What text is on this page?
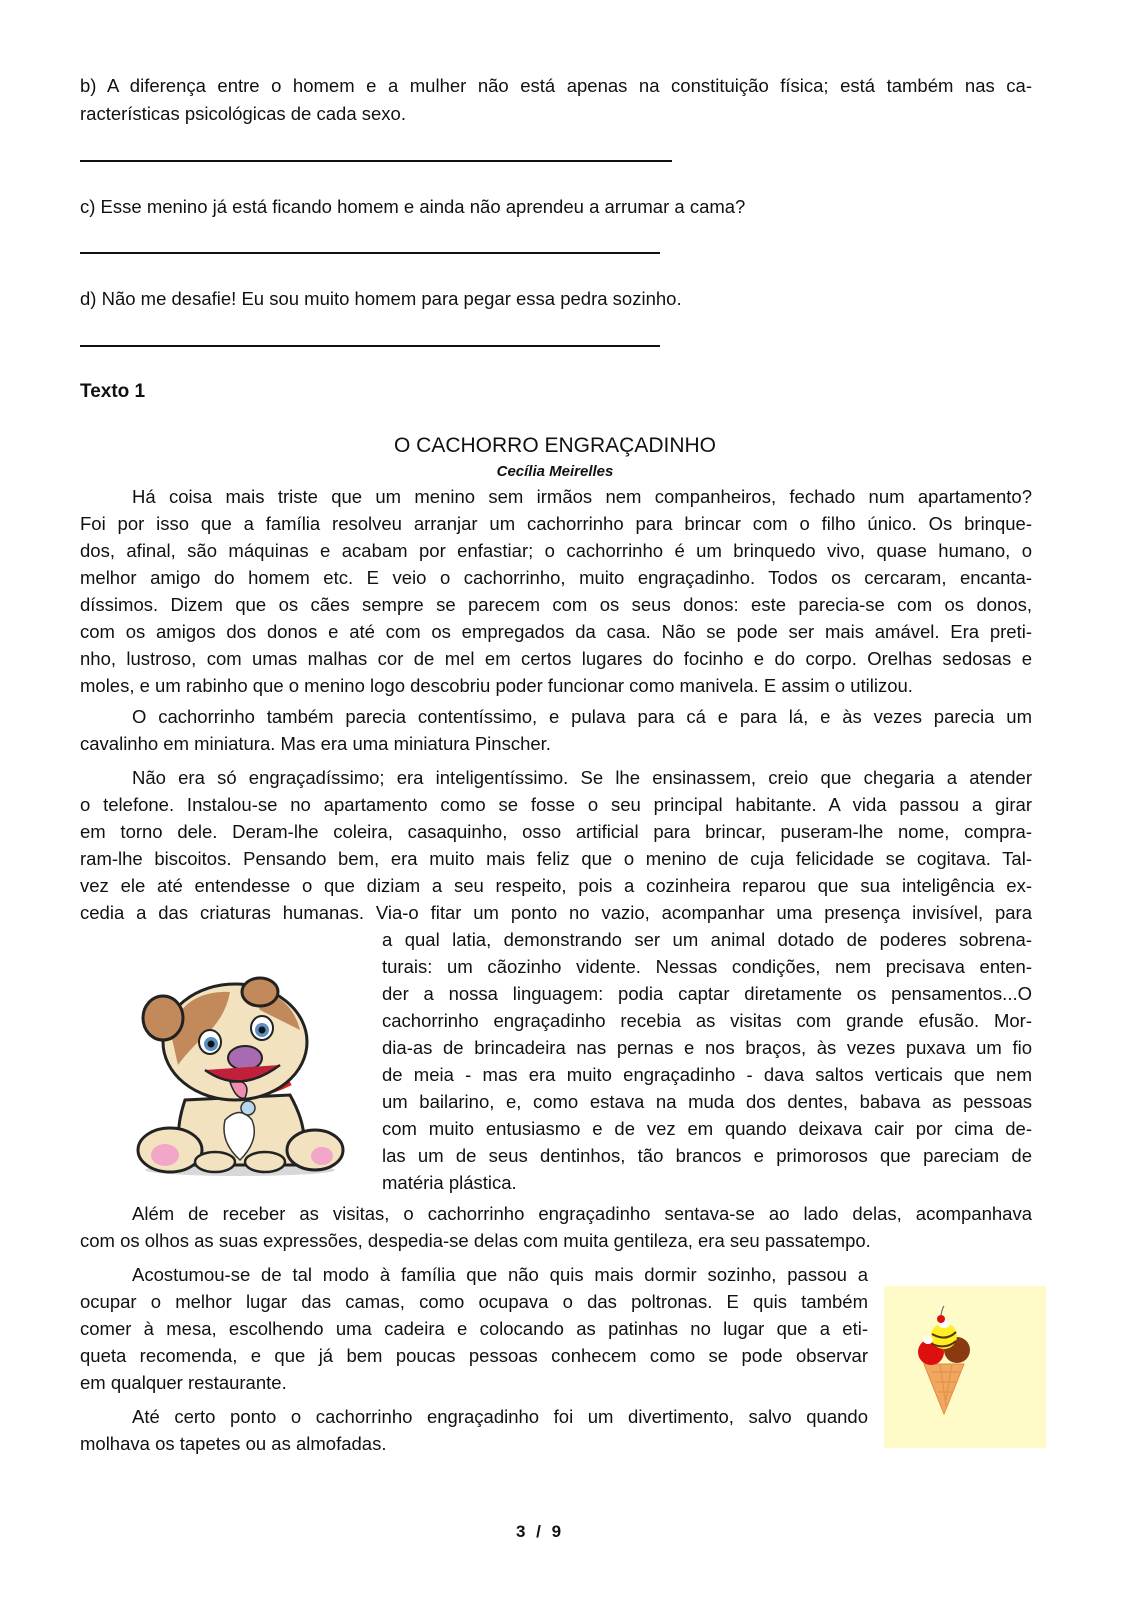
b) A diferença entre o homem e a mulher não está apenas na constituição física; está também nas ca-
racterísticas psicológicas de cada sexo.
c) Esse menino já está ficando homem e ainda não aprendeu a arrumar a cama?
d) Não me desafie! Eu sou muito homem para pegar essa pedra sozinho.
Texto 1
O CACHORRO ENGRAÇADINHO
Cecília Meirelles
Há coisa mais triste que um menino sem irmãos nem companheiros, fechado num apartamento?
Foi por isso que a família resolveu arranjar um cachorrinho para brincar com o filho único. Os brinque-
dos, afinal, são máquinas e acabam por enfastiar; o cachorrinho é um brinquedo vivo, quase humano, o
melhor amigo do homem etc. E veio o cachorrinho, muito engraçadinho. Todos os cercaram, encanta-
díssimos. Dizem que os cães sempre se parecem com os seus donos: este parecia-se com os donos,
com os amigos dos donos e até com os empregados da casa. Não se pode ser mais amável. Era preti-
nho, lustroso, com umas malhas cor de mel em certos lugares do focinho e do corpo. Orelhas sedosas e
moles, e um rabinho que o menino logo descobriu poder funcionar como manivela. E assim o utilizou.
O cachorrinho também parecia contentíssimo, e pulava para cá e para lá, e às vezes parecia um
cavalinho em miniatura. Mas era uma miniatura Pinscher.
Não era só engraçadíssimo; era inteligentíssimo. Se lhe ensinassem, creio que chegaria a atender
o telefone. Instalou-se no apartamento como se fosse o seu principal habitante. A vida passou a girar
em torno dele. Deram-lhe coleira, casaquinho, osso artificial para brincar, puseram-lhe nome, compra-
ram-lhe biscoitos. Pensando bem, era muito mais feliz que o menino de cuja felicidade se cogitava. Tal-
vez ele até entendesse o que diziam a seu respeito, pois a cozinheira reparou que sua inteligência ex-
cedia a das criaturas humanas. Via-o fitar um ponto no vazio, acompanhar uma presença invisível, para
a qual latia, demonstrando ser um animal dotado de poderes sobrena-
turais: um cãozinho vidente. Nessas condições, nem precisava enten-
der a nossa linguagem: podia captar diretamente os pensamentos...O
cachorrinho engraçadinho recebia as visitas com grande efusão. Mor-
dia-as de brincadeira nas pernas e nos braços, às vezes puxava um fio
de meia - mas era muito engraçadinho - dava saltos verticais que nem
um bailarino, e, como estava na muda dos dentes, babava as pessoas
com muito entusiasmo e de vez em quando deixava cair por cima de-
las um de seus dentinhos, tão brancos e primorosos que pareciam de
matéria plástica.
Além de receber as visitas, o cachorrinho engraçadinho sentava-se ao lado delas, acompanhava
com os olhos as suas expressões, despedia-se delas com muita gentileza, era seu passatempo.
Acostumou-se de tal modo à família que não quis mais dormir sozinho, passou a
ocupar o melhor lugar das camas, como ocupava o das poltronas. E quis também
comer à mesa, escolhendo uma cadeira e colocando as patinhas no lugar que a eti-
queta recomenda, e que já bem poucas pessoas conhecem como se pode observar
em qualquer restaurante.
Até certo ponto o cachorrinho engraçadinho foi um divertimento, salvo quando
molhava os tapetes ou as almofadas.
3 / 9
